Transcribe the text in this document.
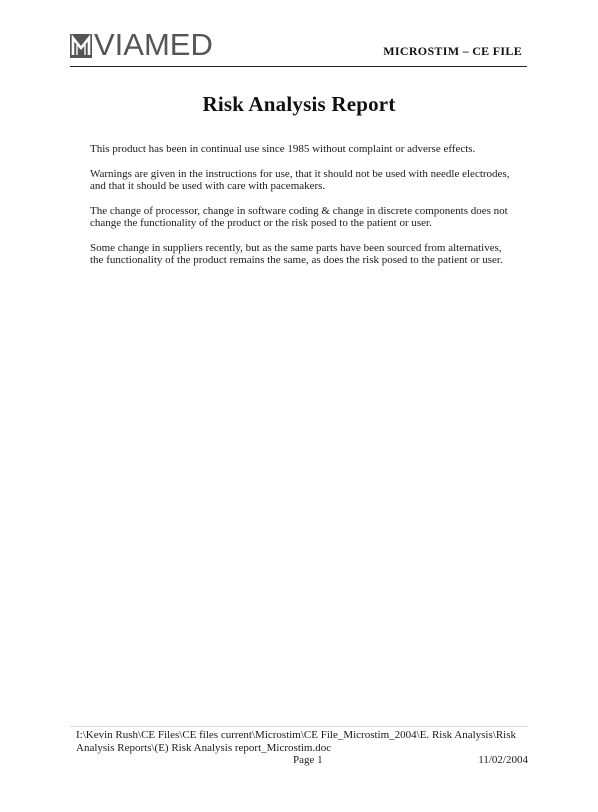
VIAMED	MICROSTIM – CE FILE
Risk Analysis Report

This product has been in continual use since 1985 without complaint or adverse effects.

Warnings are given in the instructions for use, that it should not be used with needle electrodes, and that it should be used with care with pacemakers.

The change of processor, change in software coding & change in discrete components does not change the functionality of the product or the risk posed to the patient or user.

Some change in suppliers recently, but as the same parts have been sourced from alternatives, the functionality of the product remains the same, as does the risk posed to the patient or user.

I:\Kevin Rush\CE Files\CE files current\Microstim\CE File_Microstim_2004\E. Risk Analysis\Risk Analysis Reports\(E) Risk Analysis report_Microstim.doc
Page 1	11/02/2004
